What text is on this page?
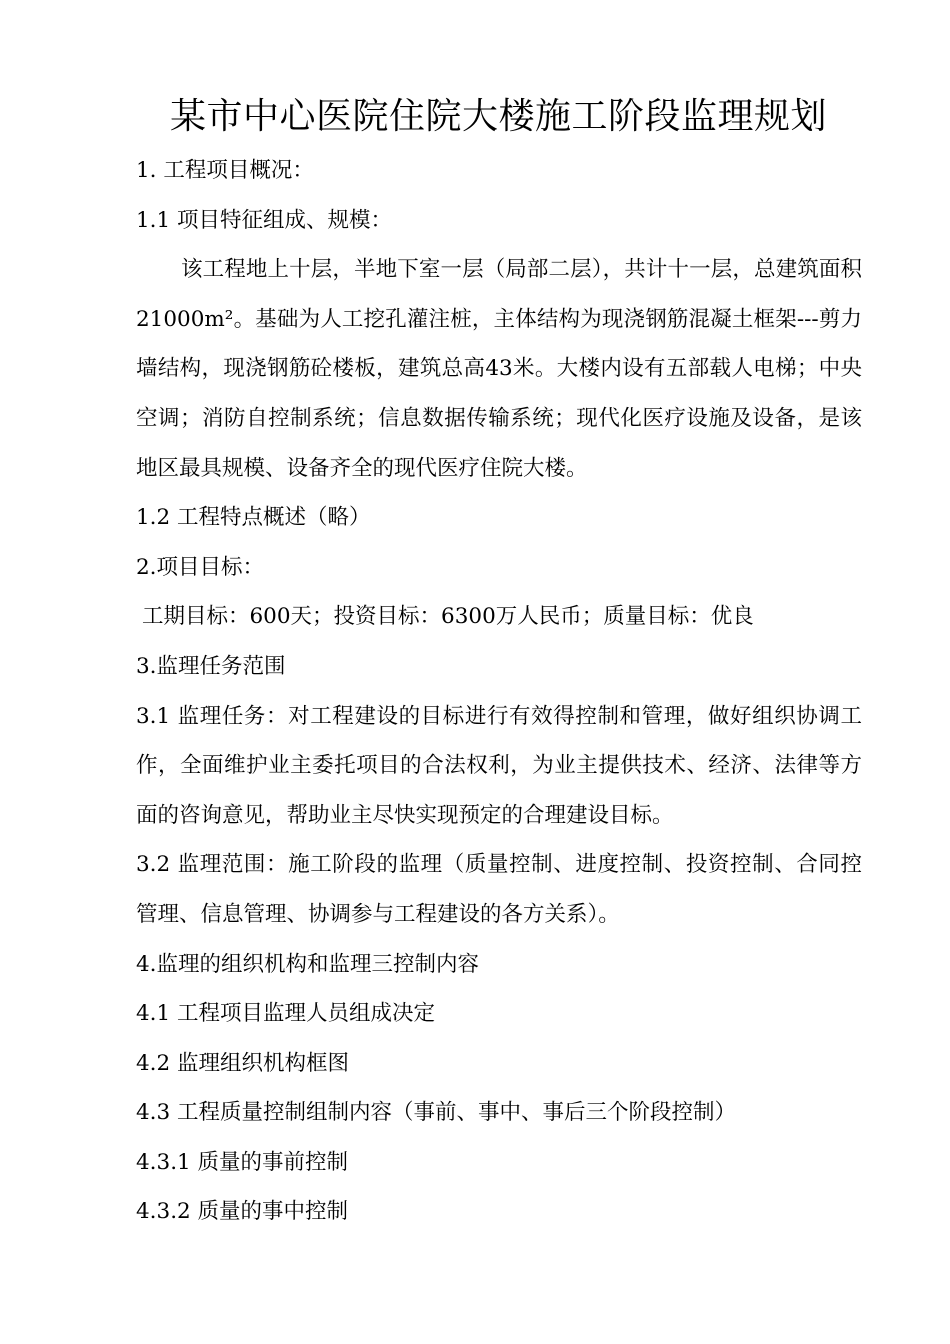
某市中心医院住院大楼施工阶段监理规划

1. 工程项目概况：

1.1 项目特征组成、规模：

该工程地上十层，半地下室一层（局部二层），共计十一层，总建筑面积21000m²。基础为人工挖孔灌注桩，主体结构为现浇钢筋混凝土框架---剪力墙结构，现浇钢筋砼楼板，建筑总高43米。大楼内设有五部载人电梯；中央空调；消防自控制系统；信息数据传输系统；现代化医疗设施及设备，是该地区最具规模、设备齐全的现代医疗住院大楼。

1.2 工程特点概述（略）

2.项目目标：

工期目标：600天；投资目标：6300万人民币；质量目标：优良

3.监理任务范围

3.1 监理任务：对工程建设的目标进行有效得控制和管理，做好组织协调工作，全面维护业主委托项目的合法权利，为业主提供技术、经济、法律等方面的咨询意见，帮助业主尽快实现预定的合理建设目标。

3.2 监理范围：施工阶段的监理（质量控制、进度控制、投资控制、合同控管理、信息管理、协调参与工程建设的各方关系）。

4.监理的组织机构和监理三控制内容

4.1 工程项目监理人员组成决定

4.2 监理组织机构框图

4.3 工程质量控制组制内容（事前、事中、事后三个阶段控制）

4.3.1 质量的事前控制

4.3.2 质量的事中控制
